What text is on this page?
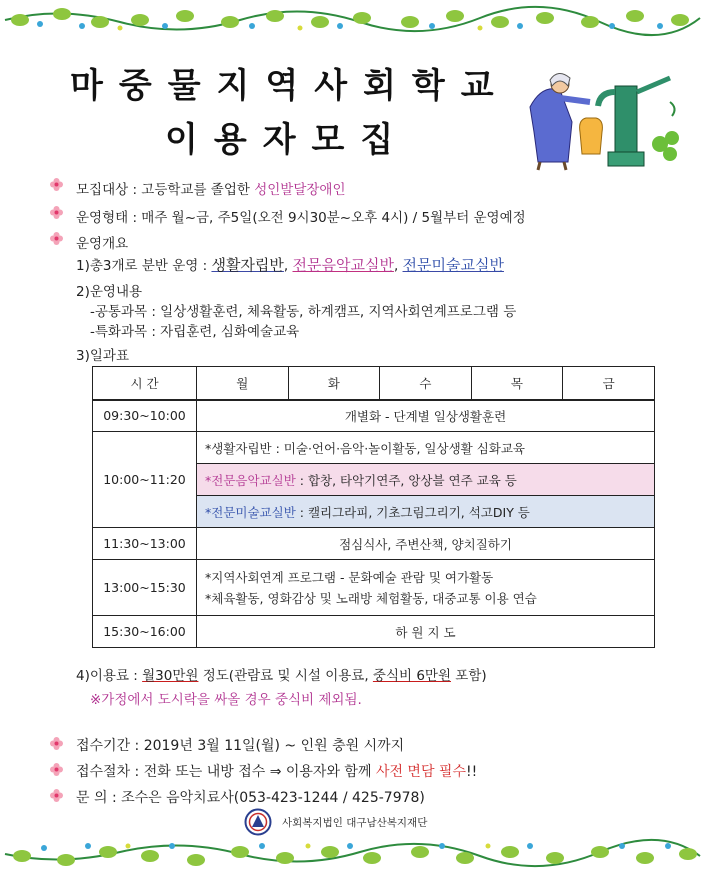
마중물지역사회학교
이용자모집
모집대상 : 고등학교를 졸업한 성인발달장애인
운영형태 : 매주 월~금, 주5일(오전 9시30분~오후 4시) / 5월부터 운영예정
운영개요
1)총3개로 분반 운영 : 생활자립반, 전문음악교실반, 전문미술교실반
2)운영내용
-공통과목 : 일상생활훈련, 체육활동, 하계캠프, 지역사회연계프로그램 등
-특화과목 : 자립훈련, 심화예술교육
3)일과표
시 간	월	화	수	목	금
09:30~10:00	개별화 - 단계별 일상생활훈련				
10:00~11:20	*생활자립반 : 미술·언어·음악·놀이활동, 일상생활 심화교육				
	*전문음악교실반 : 합창, 타악기연주, 앙상블 연주 교육 등				
	*전문미술교실반 : 캘리그라피, 기초그림그리기, 석고DIY 등				
11:30~13:00	점심식사, 주변산책, 양치질하기				
13:00~15:30	*지역사회연계 프로그램 - 문화예술 관람 및 여가활동
*체육활동, 영화감상 및 노래방 체험활동, 대중교통 이용 연습				

15:30~16:00	하 원 지 도				
4)이용료 : 월30만원 정도(관람료 및 시설 이용료, 중식비 6만원 포함)
※가정에서 도시락을 싸올 경우 중식비 제외됨.
접수기간 : 2019년 3월 11일(월) ~ 인원 충원 시까지
접수절차 : 전화 또는 내방 접수 ⇒ 이용자와 함께 사전 면담 필수!!
문 의 : 조수은 음악치료사(053-423-1244 / 425-7978)
사회복지법인 대구남산복지재단
